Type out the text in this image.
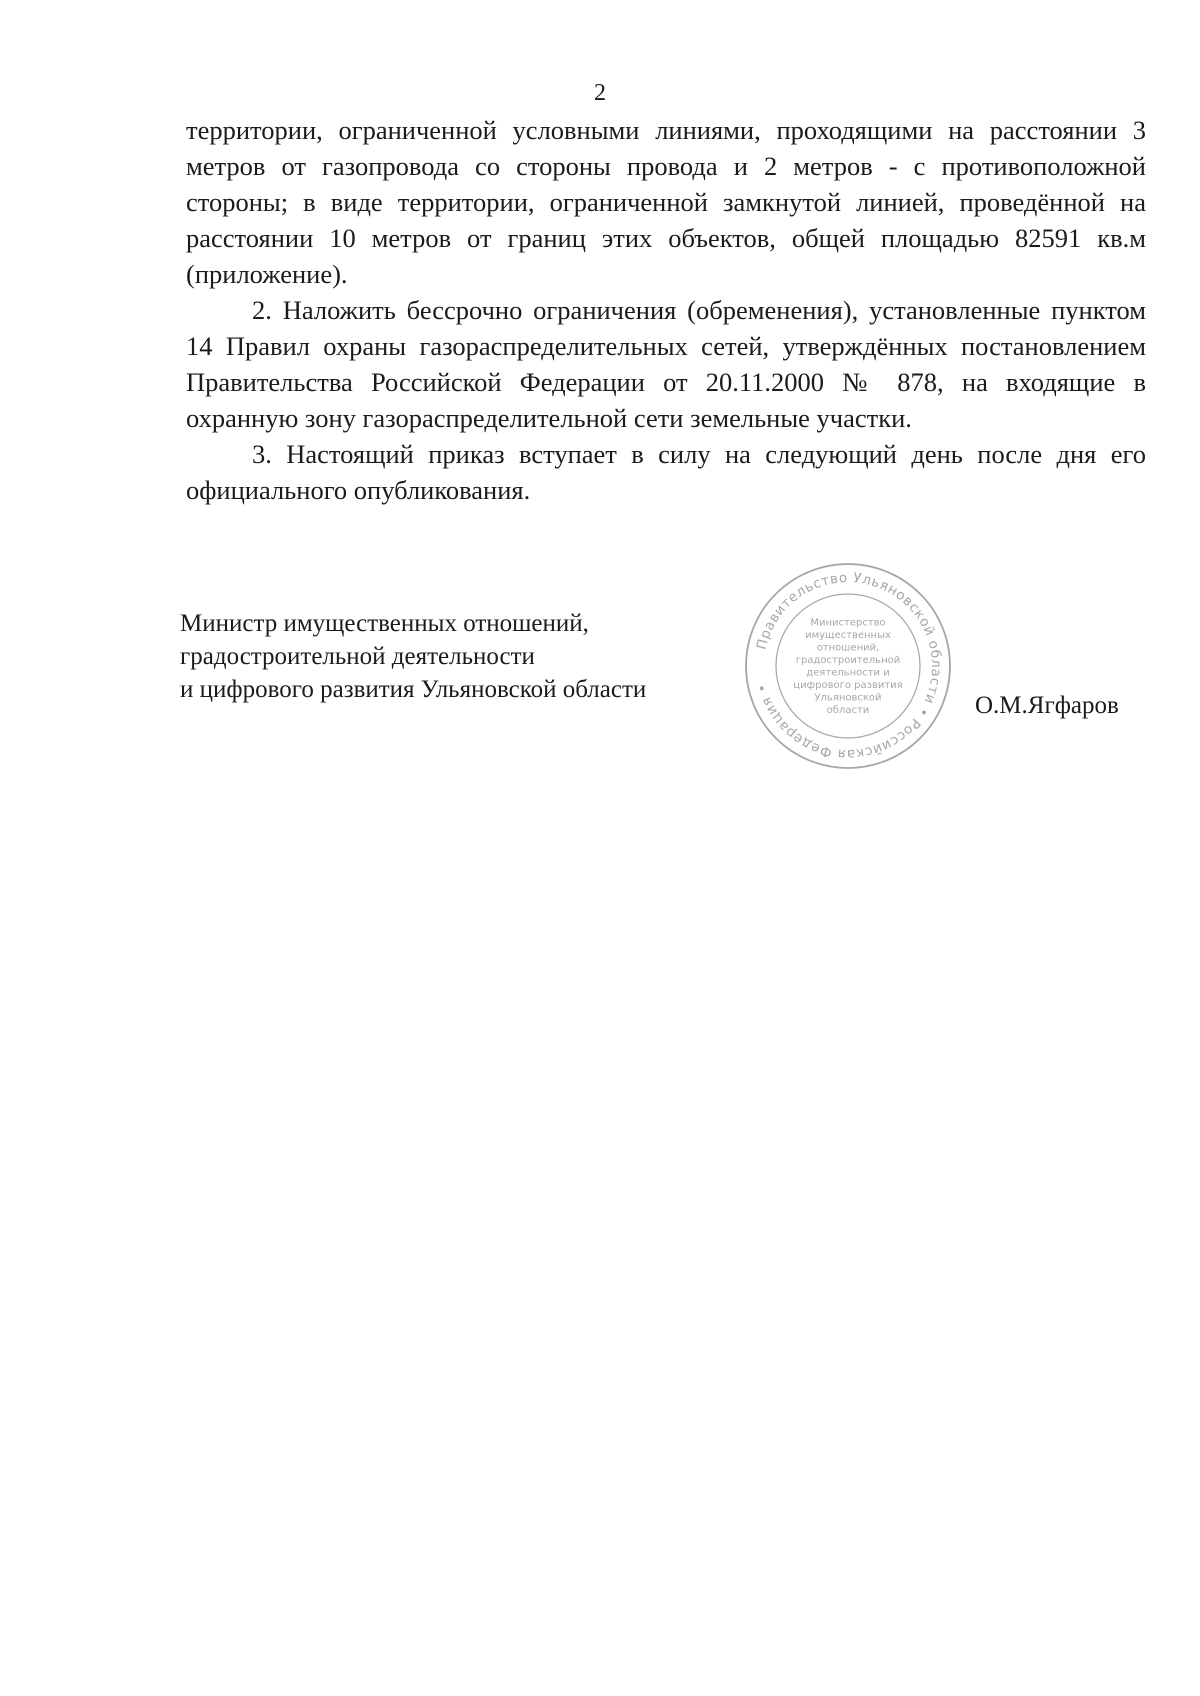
2

территории, ограниченной условными линиями, проходящими на расстоянии 3 метров от газопровода со стороны провода и 2 метров - с противоположной стороны; в виде территории, ограниченной замкнутой линией, проведённой на расстоянии 10 метров от границ этих объектов, общей площадью 82591 кв.м (приложение).

2. Наложить бессрочно ограничения (обременения), установленные пунктом 14 Правил охраны газораспределительных сетей, утверждённых постановлением Правительства Российской Федерации от 20.11.2000 № 878, на входящие в охранную зону газораспределительной сети земельные участки.

3. Настоящий приказ вступает в силу на следующий день после дня его официального опубликования.

Министр имущественных отношений,
градостроительной деятельности
и цифрового развития Ульяновской области
Правительство Ульяновской области • Российская Федерация •
Министерство
имущественных
отношений,
градостроительной
деятельности и
цифрового развития
Ульяновской
области	О.М.Ягфаров
